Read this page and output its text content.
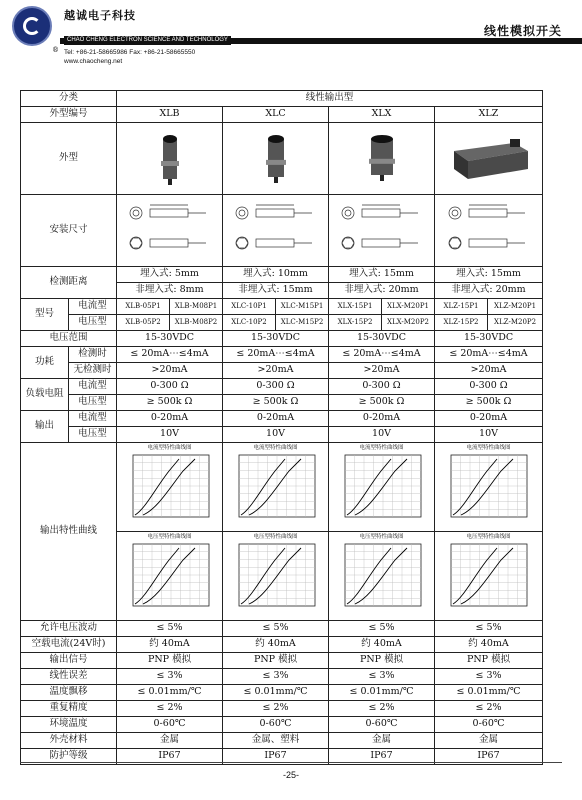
®
越诚电子科技
线性模拟开关
CHAO CHENG ELECTRON SCIENCE AND TECHNOLOGY
Tel: +86-21-58665986 Fax: +86-21-58665550
www.chaocheng.net
分类		线性输出型							
外型编号		XLB		XLC		XLX		XLZ	
外型				
安装尺寸				
检测距离		埋入式: 5mm		埋入式: 10mm		埋入式: 15mm		埋入式: 15mm	
		非埋入式: 8mm		非埋入式: 15mm		非埋入式: 20mm		非埋入式: 20mm	
型号	电流型	XLB-05P1	XLB-M08P1	XLC-10P1	XLC-M15P1	XLX-15P1	XLX-M20P1	XLZ-15P1	XLZ-M20P1
	电压型	XLB-05P2	XLB-M08P2	XLC-10P2	XLC-M15P2	XLX-15P2	XLX-M20P2	XLZ-15P2	XLZ-M20P2
电压范围		15-30VDC		15-30VDC		15-30VDC		15-30VDC	
功耗	检测时	≤ 20mA⋯≤4mA		≤ 20mA⋯≤4mA		≤ 20mA⋯≤4mA		≤ 20mA⋯≤4mA	
	无检测时	>20mA		>20mA		>20mA		>20mA	
负载电阻	电流型	0-300 Ω		0-300 Ω		0-300 Ω		0-300 Ω	
	电压型	≥ 500k Ω		≥ 500k Ω		≥ 500k Ω		≥ 500k Ω	
输出	电流型	0-20mA		0-20mA		0-20mA		0-20mA	
	电压型	10V		10V		10V		10V	
输出特性曲线		电流型特性曲线图		电流型特性曲线图		电流型特性曲线图		电流型特性曲线图	

		电压型特性曲线图		电压型特性曲线图		电压型特性曲线图		电压型特性曲线图	

允许电压波动		≤ 5%		≤ 5%		≤ 5%		≤ 5%	
空载电流(24V时)		约 40mA		约 40mA		约 40mA		约 40mA	
输出信号		PNP 模拟		PNP 模拟		PNP 模拟		PNP 模拟	
线性误差		≤ 3%		≤ 3%		≤ 3%		≤ 3%	
温度飘移		≤ 0.01mm/℃		≤ 0.01mm/℃		≤ 0.01mm/℃		≤ 0.01mm/℃	
重复精度		≤ 2%		≤ 2%		≤ 2%		≤ 2%	
环境温度		0-60℃		0-60℃		0-60℃		0-60℃	
外壳材料		金属		金属、塑料		金属		金属	
防护等级		IP67		IP67		IP67		IP67	
-25-
